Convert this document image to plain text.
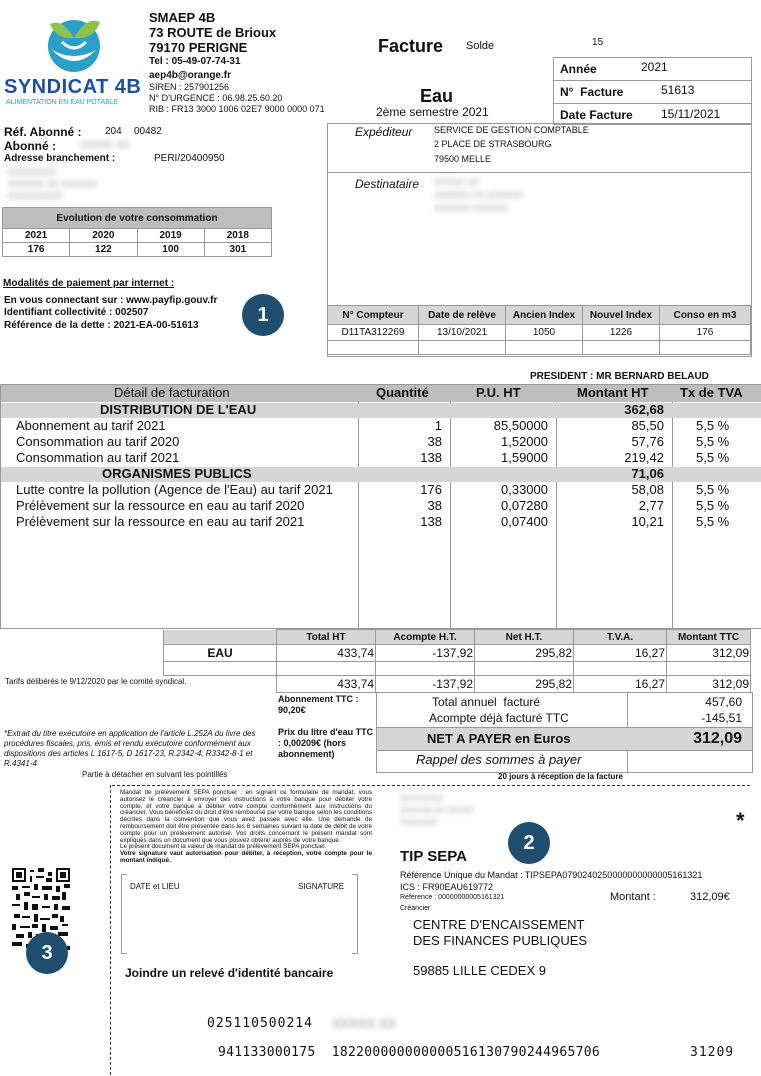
SYNDICAT 4B
ALIMENTATION EN EAU POTABLE
SMAEP 4B
73 ROUTE de Brioux
79170 PERIGNE
Tel : 05-49-07-74-31
aep4b@orange.fr
SIREN : 257901256
N° D'URGENCE : 06.98.25.60.20
RIB : FR13 3000 1006 02E7 9000 0000 071
Facture Solde	15
Eau
2ème semestre 2021
Année	2021
N°  Facture	51613
Date Facture 15/11/2021
Réf. Abonné : 204 00482
Abonné : XXXXX XX
Adresse branchement :	PERI/20400950
XXXXXXXX
XXXXXX XX XXXXXX
XXXXXXXXX
Expéditeur SERVICE DE GESTION COMPTABLE
2 PLACE DE STRASBOURG
79500 MELLE
Destinataire XXXXX XX
XXXXXX XX XXXXXX
XXXXXX XXXXXX
Evolution de votre consommation			
2021	2020	2019	2018
176	122	100	301
Modalités de paiement par internet :
En vous connectant sur : www.payfip.gouv.fr
Identifiant collectivité : 002507
Référence de la dette : 2021-EA-00-51613	1	N° Compteur	Date de relève	Ancien Index	Nouvel Index	Conso en m3
D11TA312269	13/10/2021	1050	1226	176

PRESIDENT : MR BERNARD BELAUD
Détail de facturation	Quantité	P.U. HT	Montant HT Tx de TVA
DISTRIBUTION DE L'EAU	362,68
Abonnement au tarif 2021	1	85,50000	85,50 5,5 %
Consommation au tarif 2020	38	1,52000	57,76 5,5 %
Consommation au tarif 2021	138	1,59000	219,42 5,5 %
ORGANISMES PUBLICS	71,06
Lutte contre la pollution (Agence de l'Eau) au tarif 2021	176	0,33000	58,08 5,5 %
Prélèvement sur la ressource en eau au tarif 2020	38	0,07280	2,77 5,5 %
Prélèvement sur la ressource en eau au tarif 2021	138	0,07400	10,21 5,5 %
	Total HT	Acompte H.T.	Net H.T.	T.V.A.	Montant TTC
EAU	433,74	-137,92	295,82	16,27	312,09

	433,74	-137,92	295,82	16,27	312,09
Tarifs délibérés le 9/12/2020 par le comité syndical.
Abonnement TTC : 90,20€
Prix du litre d'eau TTC : 0,00209€ (hors abonnement)
*Extrait du titre exécutoire en application de l'article L.252A du livre des procédures fiscales, pris, émis et rendu exécutoire conformément aux dispositions des articles L 1617-5, D 1617-23, R.2342-4, R3342-8-1 et R.4341-4
Partie à détacher en suivant les pointillés	20 jours à réception de la facture
Total annuel  facturé	457,60
Acompte déjà facturé TTC	-145,51
NET A PAYER en Euros	312,09
Rappel des sommes à payer
Mandat de prélèvement SEPA ponctuel : en signant ce formulaire de mandat, vous autorisez le créancier à envoyer des instructions à votre banque pour débiter votre compte, et votre banque à débiter votre compte conformément aux instructions du créancier. Vous bénéficiez du droit d'être remboursé par votre banque selon les conditions décrites dans la convention que vous avez passée avec elle. Une demande de remboursement doit être présentée dans les 8 semaines suivant la date de débit de votre compte pour un prélèvement autorisé. Vos droits concernant le présent mandat sont expliqués dans un document que vous pouvez obtenir auprès de votre banque.
Le présent document la valeur de mandat de prélèvement SEPA ponctuel.
Votre signature vaut autorisation pour débiter, à réception, votre compte pour le montant indiqué.
DATE et LIEU	SIGNATURE
Joindre un relevé d'identité bancaire
3
XXXXXXXX
XXXXXX XX XXXXX
XXXXXXX	*
2
TIP SEPA
Référence Unique du Mandat : TIPSEPA0790240250000000000005161321
ICS : FR90EAU619772
Référence : 00000000005161321
Créancier
Montant :	312,09€
CENTRE D'ENCAISSEMENT
DES FINANCES PUBLIQUES
59885 LILLE CEDEX 9
025110500214 XXXXX XX
941133000175  182200000000000516130790244965706	31209
